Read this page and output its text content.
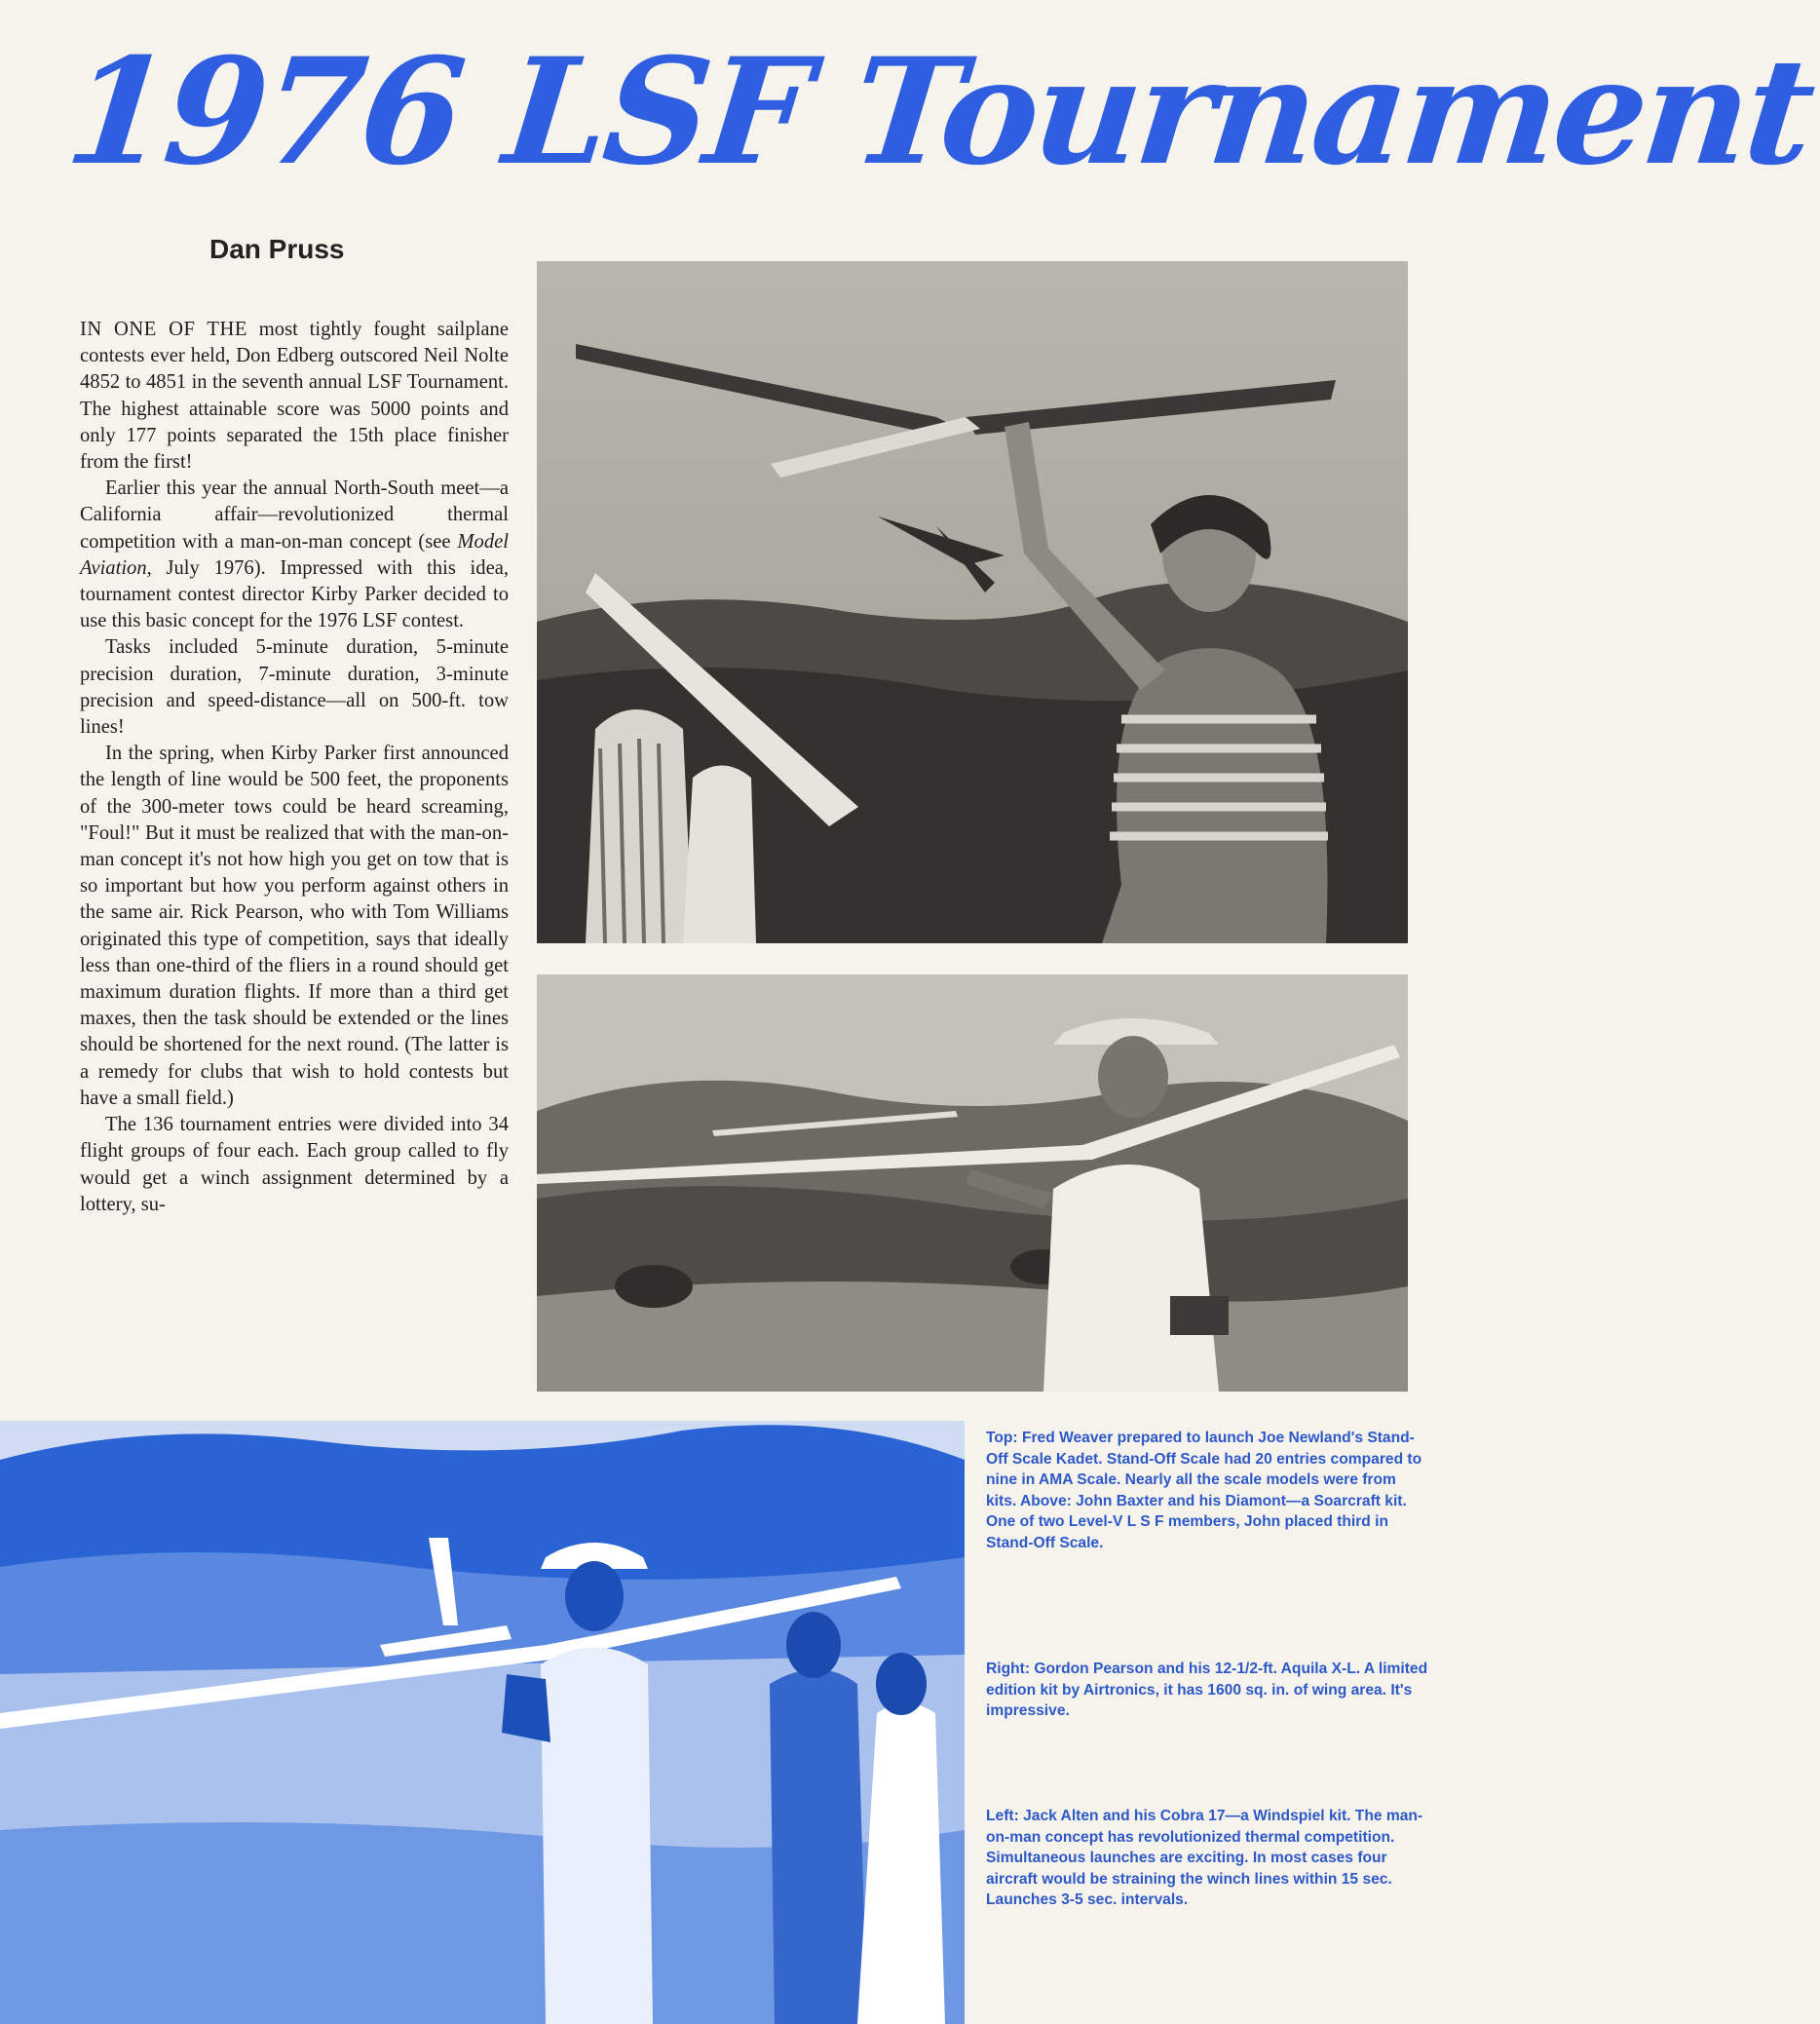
1976 LSF Tournament
Dan Pruss

IN ONE OF THE most tightly fought sailplane contests ever held, Don Edberg outscored Neil Nolte 4852 to 4851 in the seventh annual LSF Tournament. The highest attainable score was 5000 points and only 177 points separated the 15th place finisher from the first!

Earlier this year the annual North-South meet—a California affair—revolutionized thermal competition with a man-on-man concept (see Model Aviation, July 1976). Impressed with this idea, tournament contest director Kirby Parker decided to use this basic concept for the 1976 LSF contest.

Tasks included 5-minute duration, 5-minute precision duration, 7-minute duration, 3-minute precision and speed-distance—all on 500-ft. tow lines!

In the spring, when Kirby Parker first announced the length of line would be 500 feet, the proponents of the 300-meter tows could be heard screaming, "Foul!" But it must be realized that with the man-on-man concept it's not how high you get on tow that is so important but how you perform against others in the same air. Rick Pearson, who with Tom Williams originated this type of competition, says that ideally less than one-third of the fliers in a round should get maximum duration flights. If more than a third get maxes, then the task should be extended or the lines should be shortened for the next round. (The latter is a remedy for clubs that wish to hold contests but have a small field.)

The 136 tournament entries were divided into 34 flight groups of four each. Each group called to fly would get a winch assignment determined by a lottery, su-

Top: Fred Weaver prepared to launch Joe Newland's Stand-Off Scale Kadet. Stand-Off Scale had 20 entries compared to nine in AMA Scale. Nearly all the scale models were from kits. Above: John Baxter and his Diamont—a Soarcraft kit. One of two Level-V L S F members, John placed third in Stand-Off Scale.

Right: Gordon Pearson and his 12-1/2-ft. Aquila X-L. A limited edition kit by Airtronics, it has 1600 sq. in. of wing area. It's impressive.

Left: Jack Alten and his Cobra 17—a Windspiel kit. The man-on-man concept has revolutionized thermal competition. Simultaneous launches are exciting. In most cases four aircraft would be straining the winch lines within 15 sec. Launches 3-5 sec. intervals.
